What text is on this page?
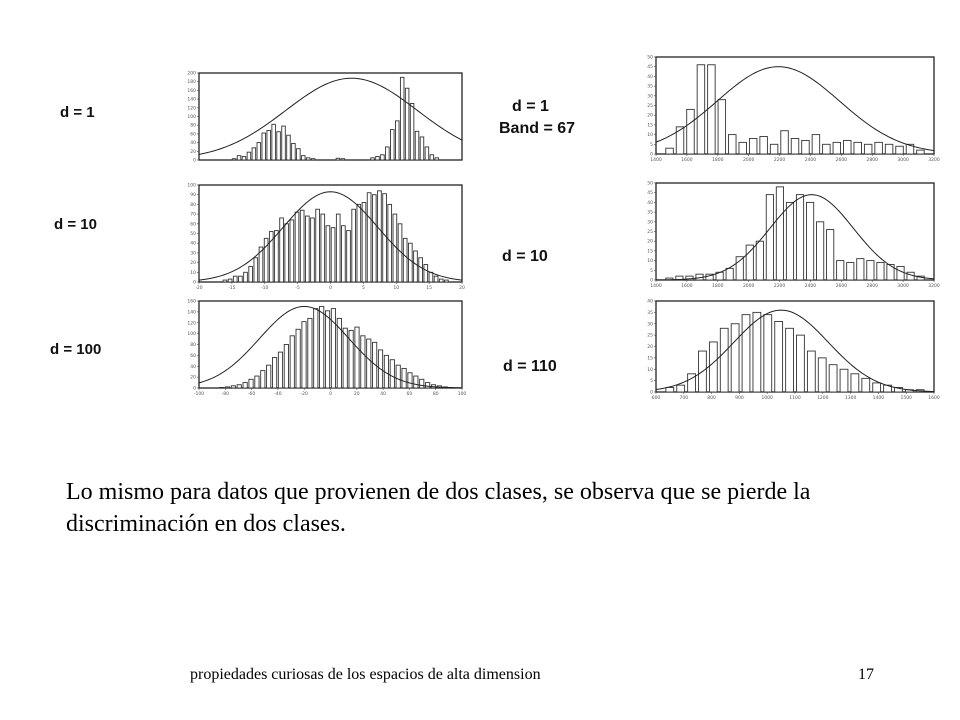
d = 1
d = 10
d = 100
d = 1
Band = 67
d = 10
d = 110
0
20
40
60
80
100
120
140
160
180
200
0
10
20
30
40
50
60
70
80
90
100
-20	-15	-10	-5	0	5	10	15	20
0
20
40
60
80
100
120
140
160
-100	-80	-60	-40	-20	0	20	40	60	80	100
0
5
10
15
20
25
30
35
40
45
50
1400	1600	1800	2000	2200	2400	2600	2800	3000	3200
0
5
10
15
20
25
30
35
40
45
50
1400	1600	1800	2000	2200	2400	2600	2800	3000	3200
0
5
10
15
20
25
30
35
40
600	700	800	900	1000	1100	1200	1300	1400	1500	1600
Lo mismo para datos que provienen de dos clases, se observa que se pierde la discriminación en dos clases.
propiedades curiosas de los espacios de alta dimension	17
